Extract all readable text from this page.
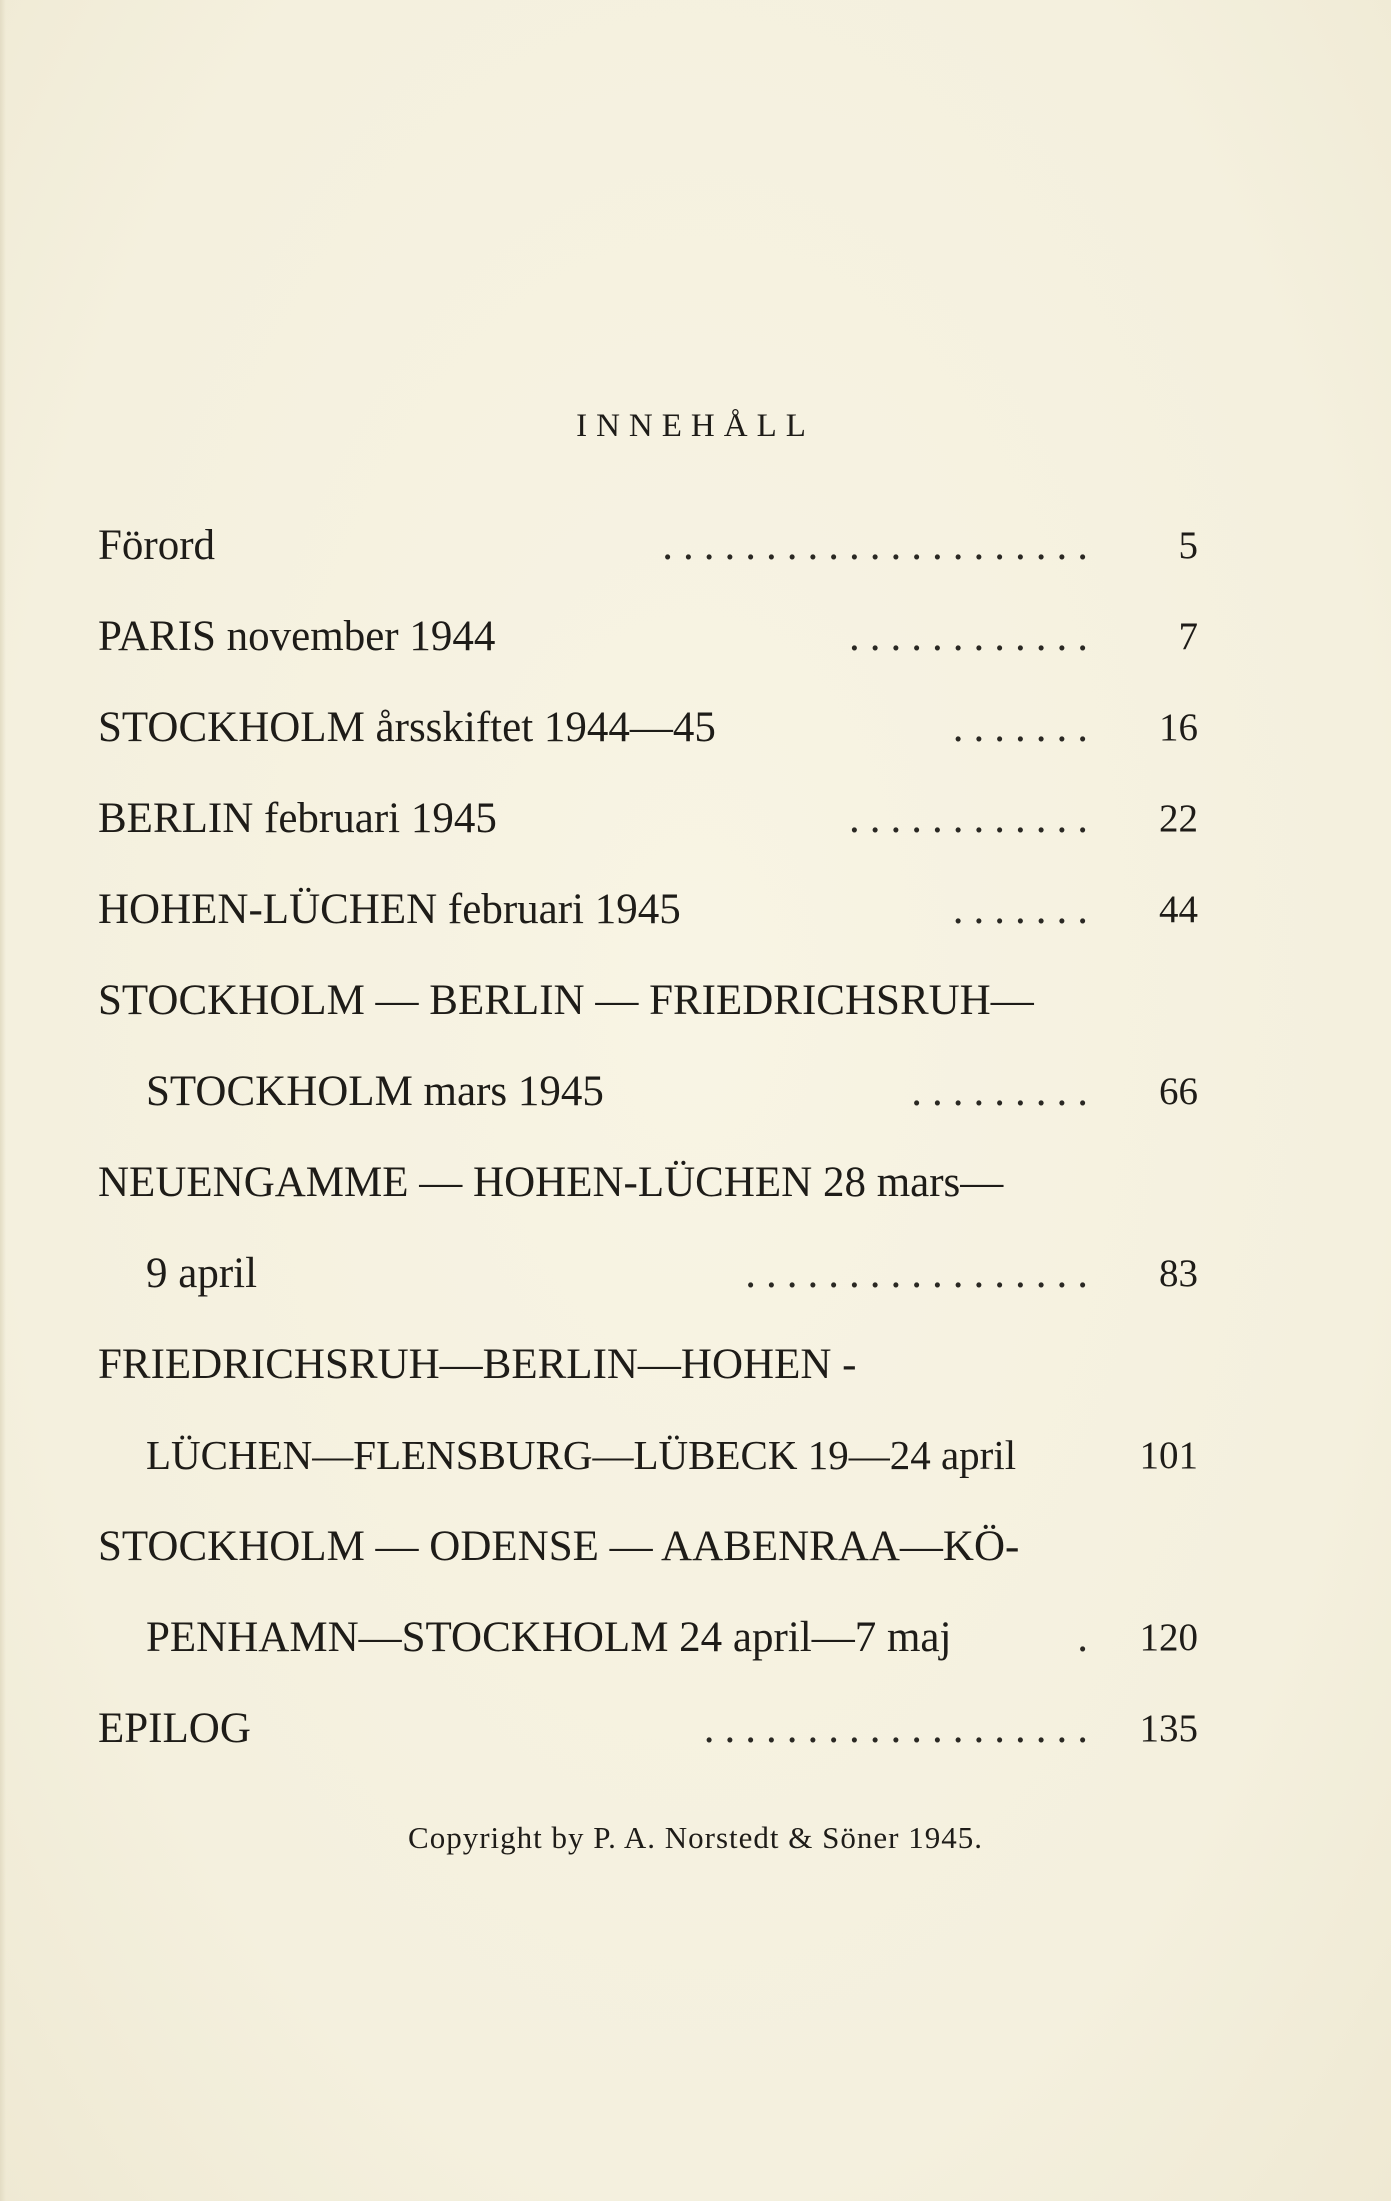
INNEHÅLL
Förord	.....................	5
PARIS november 1944	............	7
STOCKHOLM årsskiftet 1944—45	.......	16
BERLIN februari 1945	............	22
HOHEN-LÜCHEN februari 1945	.......	44
STOCKHOLM — BERLIN — FRIEDRICHSRUH—
STOCKHOLM mars 1945	.........	66
NEUENGAMME — HOHEN-LÜCHEN 28 mars—
9 april	.................	83
FRIEDRICHSRUH—BERLIN—HOHEN -
LÜCHEN—FLENSBURG—LÜBECK 19—24 april	101
STOCKHOLM — ODENSE — AABENRAA—KÖ-
PENHAMN—STOCKHOLM 24 april—7 maj	.	120
EPILOG	...................	135
Copyright by P. A. Norstedt & Söner 1945.
